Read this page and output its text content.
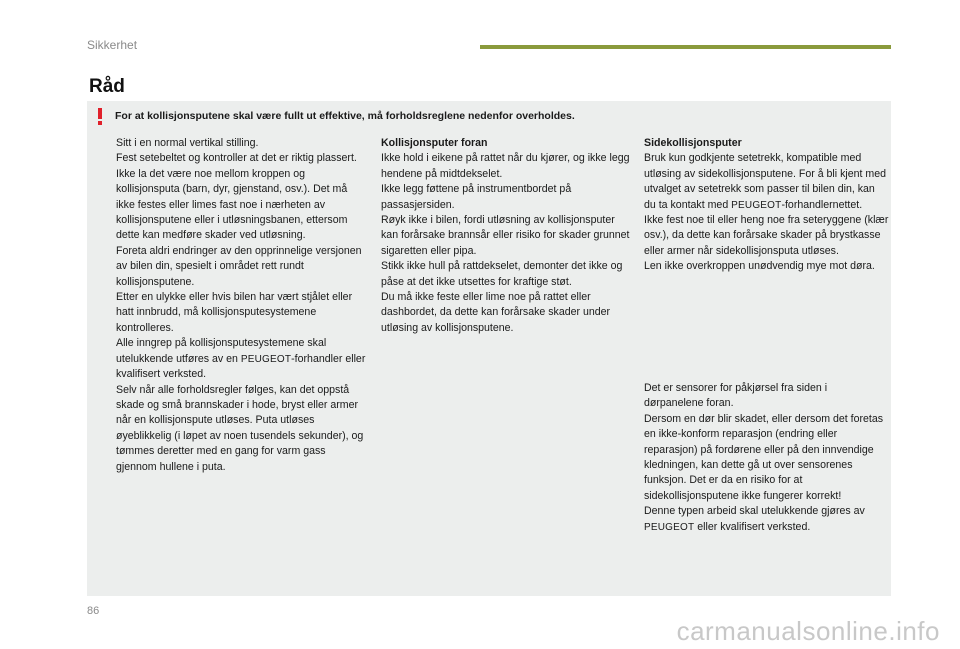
Sikkerhet
Råd
For at kollisjonsputene skal være fullt ut effektive, må forholdsreglene nedenfor overholdes.

Sitt i en normal vertikal stilling.

Fest setebeltet og kontroller at det er riktig plassert.

Ikke la det være noe mellom kroppen og kollisjonsputa (barn, dyr, gjenstand, osv.). Det må ikke festes eller limes fast noe i nærheten av kollisjonsputene eller i utløsningsbanen, ettersom dette kan medføre skader ved utløsning.

Foreta aldri endringer av den opprinnelige versjonen av bilen din, spesielt i området rett rundt kollisjonsputene.

Etter en ulykke eller hvis bilen har vært stjålet eller hatt innbrudd, må kollisjonsputesystemene kontrolleres.

Alle inngrep på kollisjonsputesystemene skal utelukkende utføres av en PEUGEOT-forhandler eller kvalifisert verksted.

Selv når alle forholdsregler følges, kan det oppstå skade og små brannskader i hode, bryst eller armer når en kollisjonspute utløses. Puta utløses øyeblikkelig (i løpet av noen tusendels sekunder), og tømmes deretter med en gang for varm gass gjennom hullene i puta.

Kollisjonsputer foran

Ikke hold i eikene på rattet når du kjører, og ikke legg hendene på midtdekselet.

Ikke legg føttene på instrumentbordet på passasjersiden.

Røyk ikke i bilen, fordi utløsning av kollisjonsputer kan forårsake brannsår eller risiko for skader grunnet sigaretten eller pipa.

Stikk ikke hull på rattdekselet, demonter det ikke og påse at det ikke utsettes for kraftige støt.

Du må ikke feste eller lime noe på rattet eller dashbordet, da dette kan forårsake skader under utløsing av kollisjonsputene.

Sidekollisjonsputer

Bruk kun godkjente setetrekk, kompatible med utløsing av sidekollisjonsputene. For å bli kjent med utvalget av setetrekk som passer til bilen din, kan du ta kontakt med PEUGEOT-forhandlernettet.

Ikke fest noe til eller heng noe fra seteryggene (klær osv.), da dette kan forårsake skader på brystkasse eller armer når sidekollisjonsputa utløses.

Len ikke overkroppen unødvendig mye mot døra.

Det er sensorer for påkjørsel fra siden i dørpanelene foran.

Dersom en dør blir skadet, eller dersom det foretas en ikke-konform reparasjon (endring eller reparasjon) på fordørene eller på den innvendige kledningen, kan dette gå ut over sensorenes funksjon. Det er da en risiko for at sidekollisjonsputene ikke fungerer korrekt!

Denne typen arbeid skal utelukkende gjøres av PEUGEOT eller kvalifisert verksted.

86
carmanualsonline.info
